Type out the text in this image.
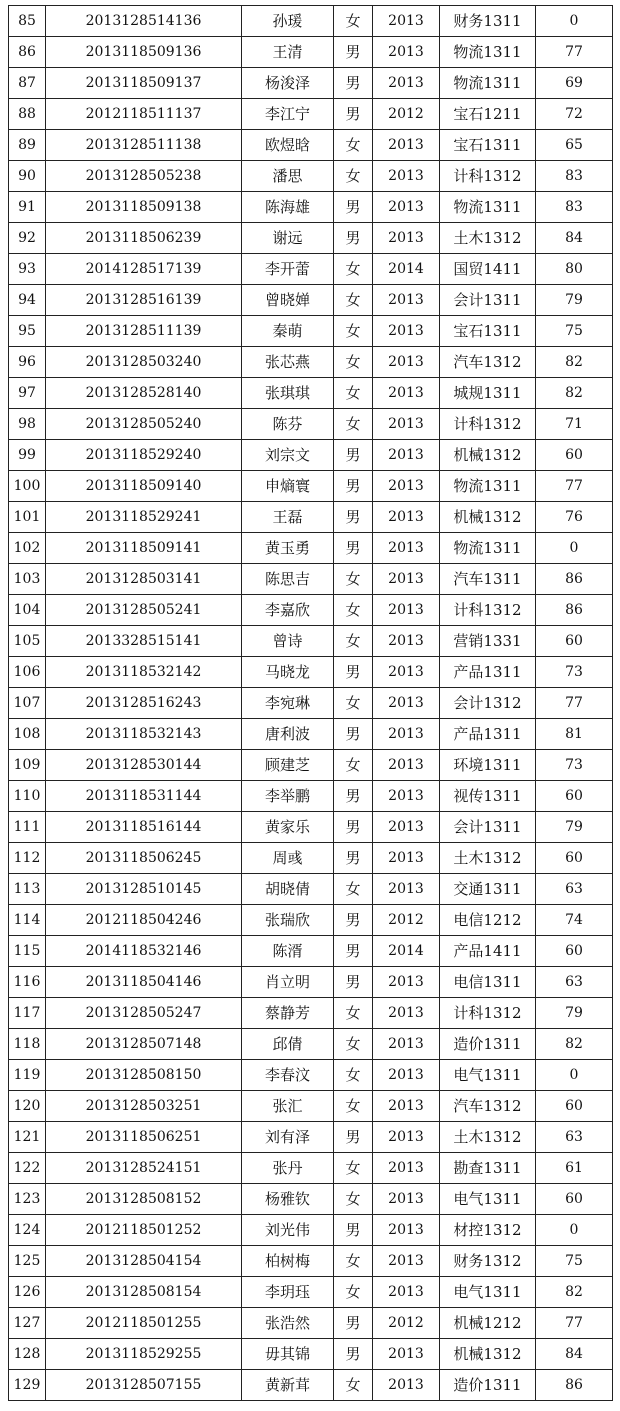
85	2013128514136	孙瑗	女	2013	财务1311	0
86	2013118509136	王清	男	2013	物流1311	77
87	2013118509137	杨浚泽	男	2013	物流1311	69
88	2012118511137	李江宁	男	2012	宝石1211	72
89	2013128511138	欧煜晗	女	2013	宝石1311	65
90	2013128505238	潘思	女	2013	计科1312	83
91	2013118509138	陈海雄	男	2013	物流1311	83
92	2013118506239	谢远	男	2013	土木1312	84
93	2014128517139	李开蕾	女	2014	国贸1411	80
94	2013128516139	曾晓婵	女	2013	会计1311	79
95	2013128511139	秦萌	女	2013	宝石1311	75
96	2013128503240	张芯燕	女	2013	汽车1312	82
97	2013128528140	张琪琪	女	2013	城规1311	82
98	2013128505240	陈芬	女	2013	计科1312	71
99	2013118529240	刘宗文	男	2013	机械1312	60
100	2013118509140	申熵寰	男	2013	物流1311	77
101	2013118529241	王磊	男	2013	机械1312	76
102	2013118509141	黄玉勇	男	2013	物流1311	0
103	2013128503141	陈思吉	女	2013	汽车1311	86
104	2013128505241	李嘉欣	女	2013	计科1312	86
105	2013328515141	曾诗	女	2013	营销1331	60
106	2013118532142	马晓龙	男	2013	产品1311	73
107	2013128516243	李宛琳	女	2013	会计1312	77
108	2013118532143	唐利波	男	2013	产品1311	81
109	2013128530144	顾建芝	女	2013	环境1311	73
110	2013118531144	李举鹏	男	2013	视传1311	60
111	2013118516144	黄家乐	男	2013	会计1311	79
112	2013118506245	周彧	男	2013	土木1312	60
113	2013128510145	胡晓倩	女	2013	交通1311	63
114	2012118504246	张瑞欣	男	2012	电信1212	74
115	2014118532146	陈湑	男	2014	产品1411	60
116	2013118504146	肖立明	男	2013	电信1311	63
117	2013128505247	蔡静芳	女	2013	计科1312	79
118	2013128507148	邱倩	女	2013	造价1311	82
119	2013128508150	李春汶	女	2013	电气1311	0
120	2013128503251	张汇	女	2013	汽车1312	60
121	2013118506251	刘有泽	男	2013	土木1312	63
122	2013128524151	张丹	女	2013	勘查1311	61
123	2013128508152	杨雅钦	女	2013	电气1311	60
124	2012118501252	刘光伟	男	2013	材控1312	0
125	2013128504154	柏树梅	女	2013	财务1312	75
126	2013128508154	李玥珏	女	2013	电气1311	82
127	2012118501255	张浩然	男	2012	机械1212	77
128	2013118529255	毋其锦	男	2013	机械1312	84
129	2013128507155	黄新茸	女	2013	造价1311	86
